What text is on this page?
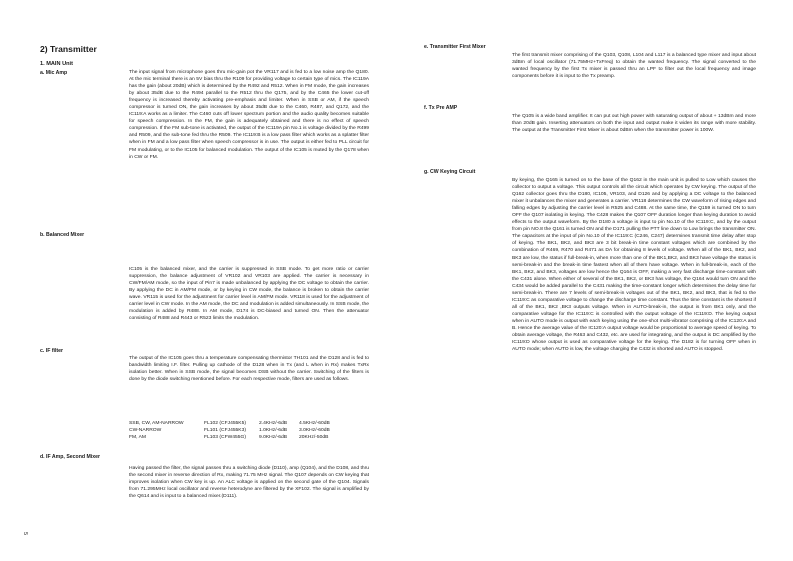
2) Transmitter
1. MAIN Unit
a. Mic Amp	The input signal from microphone goes thru mic-gain pot the VR117 and is fed to a low noise amp the Q180. At the mic terminal there is an 5V bias thru the R109 for providing voltage to certain type of mics. The IC119A has the gain (about 20dB) which is determined by the R492 and R512. When in FM mode, the gain increases by about 35dB due to the R494 parallel to the R512 thru the Q175, and by the C465 the lower cut-off frequency is increased thereby activating pre-emphasis and limiter. When in SSB or AM, if the speech compressor is turned ON, the gain increases by about 35dB due to the C460, R487, and Q172, and the IC119:A works as a limiter. The C460 cuts off lower spectrum portion and the audio quality becomes suitable for speech compression. In the FM, the gain is adequately obtained and there is no effect of speech compression. If the FM sub-tone is activated, the output of the IC119A pin No.1 is voltage divided by the R499 and R509, and the sub-tone fed thru the R509. The IC119:B is a low pass filter which works as a splatter filter when in FM and a low pass filter when speech compressor is in use. The output is either fed to PLL circuit for FM modulating, or to the IC105 for balanced modulation. The output of the IC105 is muted by the Q178 when in CW or FM.
b. Balanced Mixer
IC105 is the balanced mixer, and the carrier is suppressed in SSB mode. To get more ratio or carrier suppression, the balance adjustment of VR102 and VR103 are applied. The carrier is necessary in CW/FM/AM mode, so the input of Pin7 is made unbalanced by applying the DC voltage to obtain the carrier. By applying the DC in AM/FM mode, or by keying in CW mode, the balance is broken to obtain the carrier wave. VR115 is used for the adjustment for carrier level in AM/FM mode. VR118 is used for the adjustment of carrier level in CW mode. In the AM mode, the DC and modulation is added simultaneously. In SSB mode, the modulation is added by R488. In AM mode, D174 is DC-biased and turned ON. Then the attenuator consisting of R488 and R443 or R523 limits the modulation.
c. IF filter
The output of the IC105 goes thru a temperature compensating thermistor TH101 and the D128 and is fed to bandwidth limiting I.F. filter. Pulling up cathode of the D128 when in Tx (and L when in Rx) makes TxRx isolation better. When in SSB mode, the signal becomes DSB without the carrier. Switching of the filters is done by the diode switching mentioned before. For each respective mode, filters are used as follows.
SSB, CW, AM-NARROW	FL102 (CFJ455K5)	2.4KHz/-6dB	4.5KHz/-60dB
CW-NARROW	FL101 (CFJ455K3)	1.0KHz/-6dB	3.0KHz/-60dB
FM, AM	FL103 (CFW455G)	9.0KHz/-6dB	20KHz/-50dB
d. IF Amp, Second Mixer
Having passed the filter, the signal passes thru a switching diode (D110), amp (Q104), and the D108, and thru the second mixer in reverse direction of Rx, making 71.75 MHz signal. The Q107 depends on CW keying that improves isolation when CW key is up. An ALC voltage is applied on the second gate of the Q104. Signals from 71.295MHz local oscillator and reverse heterodyne are filtered by the XF102. The signal is amplified by the Q614 and is input to a balanced mixer.(D111).
e. Transmitter First Mixer
The first transmit mixer comprising of the Q103, Q108, L104 and L117 is a balanced type mixer and input about 3dBm of local oscillator (71.75MHz+TxFreq) to obtain the wanted frequency. The signal converted to the wanted frequency by the first Tx mixer is passed thru an LPF to filter out the local frequency and image components before it is input to the Tx preamp.
f. Tx Pre AMP
The Q105 is a wide band amplifier. It can put out high power with saturating output of about + 13dBm and more than 20dB gain. Inserting attenuators on both the input and output make it widen its range with more stability. The output at the Transmitter First Mixer is about 0dBm when the transmitter power is 100W.
g. CW Keying Circuit
By keying, the Q165 is turned on to the base of the Q162 in the main unit is pulled to Low which causes the collector to output a voltage. This output controls all the circuit which operates by CW keying. The output of the Q162 collector goes thru the D180, IC105, VR103, and D126 and by applying a DC voltage to the balanced mixer it unbalances the mixer and generates a carrier. VR118 determines the CW waveform of rising edges and falling edges by adjusting the carrier level in R525 and C488. At the same time, the Q159 is turned ON to turn OFF the Q107 isolating in keying. The C428 makes the Q107 OFF duration longer than keying duration to avoid effects to the output waveform. By the D180 a voltage is input to pin No.10 of the IC119:C, and by the output from pin NO.8 the Q161 is turned ON and the D171 pulling the PTT line down to Low brings the transmitter ON. The capacitors at the input of pin No.10 of the IC119:C (C246, C247) determines transmit time delay after stop of keying. The BK1, BK2, and BK3 are 3 bit break-in time constant voltages which are combined by the combination of R469, R470 and R471 as DA for obtaining 8 levels of voltage. When all of the BK1, BK2, and BK3 are low, the status if full-break-in, when more than one of the BK1,BK2, and BK3 have voltage the status is semi-break-in and the break-in time fastest when all of them have voltage. When in full-break-in, each of the BK1, BK2, and BK3, voltages are low hence the Q164 is OFF, making a very fast discharge time-constant with the C431 alone. When either of several of the BK1, BK2, or BK3 has voltage, the Q164 would turn ON and the C434 would be added parallel to the C431 making the time-constant longer which determines the delay time for semi-break-in. There are 7 levels of semi-break-in voltages out of the BK1, BK2, and BK3, that is fed to the IC119:C as comparative voltage to change the discharge time constant. Thus the time constant is the shortest if all of the BK1, BK2 ,BK3 outputs voltage. When in AUTO-break-in, the output is from BK1 only, and the comparative voltage for the IC119:C is controlled with the output voltage of the IC119:D. The keying output when in AUTO mode is output with each keying using the one-shot multi-vibrator comprising of the IC120:A and B. Hence the average value of the IC120:A output voltage would be proportional to average speed of keying. To obtain average voltage, the R463 and C432, etc. are used for integrating, and the output is DC amplified by the IC119:D whose output is used as comparative voltage for the keying. The D182 is for turning OFF when in AUTO mode; when AUTO is low, the voltage charging the C432 is shorted and AUTO is stopped.
5
